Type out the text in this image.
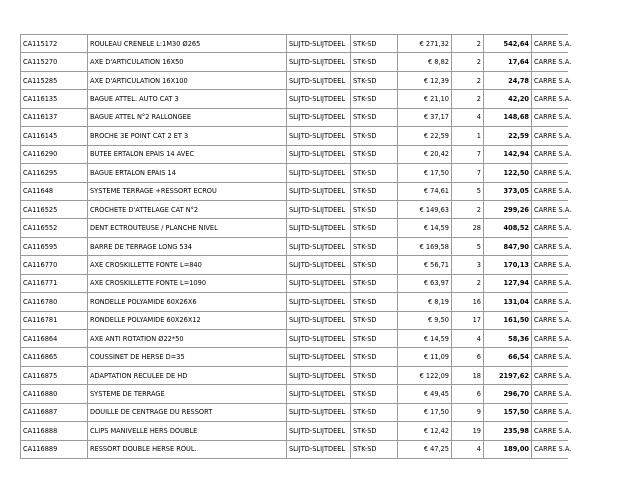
CA115172	ROULEAU CRENELE L:1M30 Ø265	SLIJTD-SLIJTDEEL	STK-SD	€ 271,32	2	542,64	CARRE S.A.
CA115270	AXE D'ARTICULATION 16X50	SLIJTD-SLIJTDEEL	STK-SD	€ 8,82	2	17,64	CARRE S.A.
CA115285	AXE D'ARTICULATION 16X100	SLIJTD-SLIJTDEEL	STK-SD	€ 12,39	2	24,78	CARRE S.A.
CA116135	BAGUE ATTEL. AUTO CAT 3	SLIJTD-SLIJTDEEL	STK-SD	€ 21,10	2	42,20	CARRE S.A.
CA116137	BAGUE ATTEL N°2 RALLONGEE	SLIJTD-SLIJTDEEL	STK-SD	€ 37,17	4	148,68	CARRE S.A.
CA116145	BROCHE 3E POINT CAT 2 ET 3	SLIJTD-SLIJTDEEL	STK-SD	€ 22,59	1	22,59	CARRE S.A.
CA116290	BUTEE ERTALON EPAIS 14 AVEC	SLIJTD-SLIJTDEEL	STK-SD	€ 20,42	7	142,94	CARRE S.A.
CA116295	BAGUE ERTALON EPAIS 14	SLIJTD-SLIJTDEEL	STK-SD	€ 17,50	7	122,50	CARRE S.A.
CA11648	SYSTEME TERRAGE +RESSORT ECROU	SLIJTD-SLIJTDEEL	STK-SD	€ 74,61	5	373,05	CARRE S.A.
CA116525	CROCHETE D'ATTELAGE CAT N°2	SLIJTD-SLIJTDEEL	STK-SD	€ 149,63	2	299,26	CARRE S.A.
CA116552	DENT ECTROUTEUSE / PLANCHE NIVEL	SLIJTD-SLIJTDEEL	STK-SD	€ 14,59	28	408,52	CARRE S.A.
CA116595	BARRE DE TERRAGE LONG 534	SLIJTD-SLIJTDEEL	STK-SD	€ 169,58	5	847,90	CARRE S.A.
CA116770	AXE CROSKILLETTE FONTE L=840	SLIJTD-SLIJTDEEL	STK-SD	€ 56,71	3	170,13	CARRE S.A.
CA116771	AXE CROSKILLETTE FONTE L=1090	SLIJTD-SLIJTDEEL	STK-SD	€ 63,97	2	127,94	CARRE S.A.
CA116780	RONDELLE POLYAMIDE 60X26X6	SLIJTD-SLIJTDEEL	STK-SD	€ 8,19	16	131,04	CARRE S.A.
CA116781	RONDELLE POLYAMIDE 60X26X12	SLIJTD-SLIJTDEEL	STK-SD	€ 9,50	17	161,50	CARRE S.A.
CA116864	AXE ANTI ROTATION Ø22*50	SLIJTD-SLIJTDEEL	STK-SD	€ 14,59	4	58,36	CARRE S.A.
CA116865	COUSSINET DE HERSE D=35	SLIJTD-SLIJTDEEL	STK-SD	€ 11,09	6	66,54	CARRE S.A.
CA116875	ADAPTATION RECULEE DE HD	SLIJTD-SLIJTDEEL	STK-SD	€ 122,09	18	2197,62	CARRE S.A.
CA116880	SYSTEME DE TERRAGE	SLIJTD-SLIJTDEEL	STK-SD	€ 49,45	6	296,70	CARRE S.A.
CA116887	DOUILLE DE CENTRAGE DU RESSORT	SLIJTD-SLIJTDEEL	STK-SD	€ 17,50	9	157,50	CARRE S.A.
CA116888	CLIPS MANIVELLE HERS DOUBLE	SLIJTD-SLIJTDEEL	STK-SD	€ 12,42	19	235,98	CARRE S.A.
CA116889	RESSORT DOUBLE HERSE ROUL.	SLIJTD-SLIJTDEEL	STK-SD	€ 47,25	4	189,00	CARRE S.A.
